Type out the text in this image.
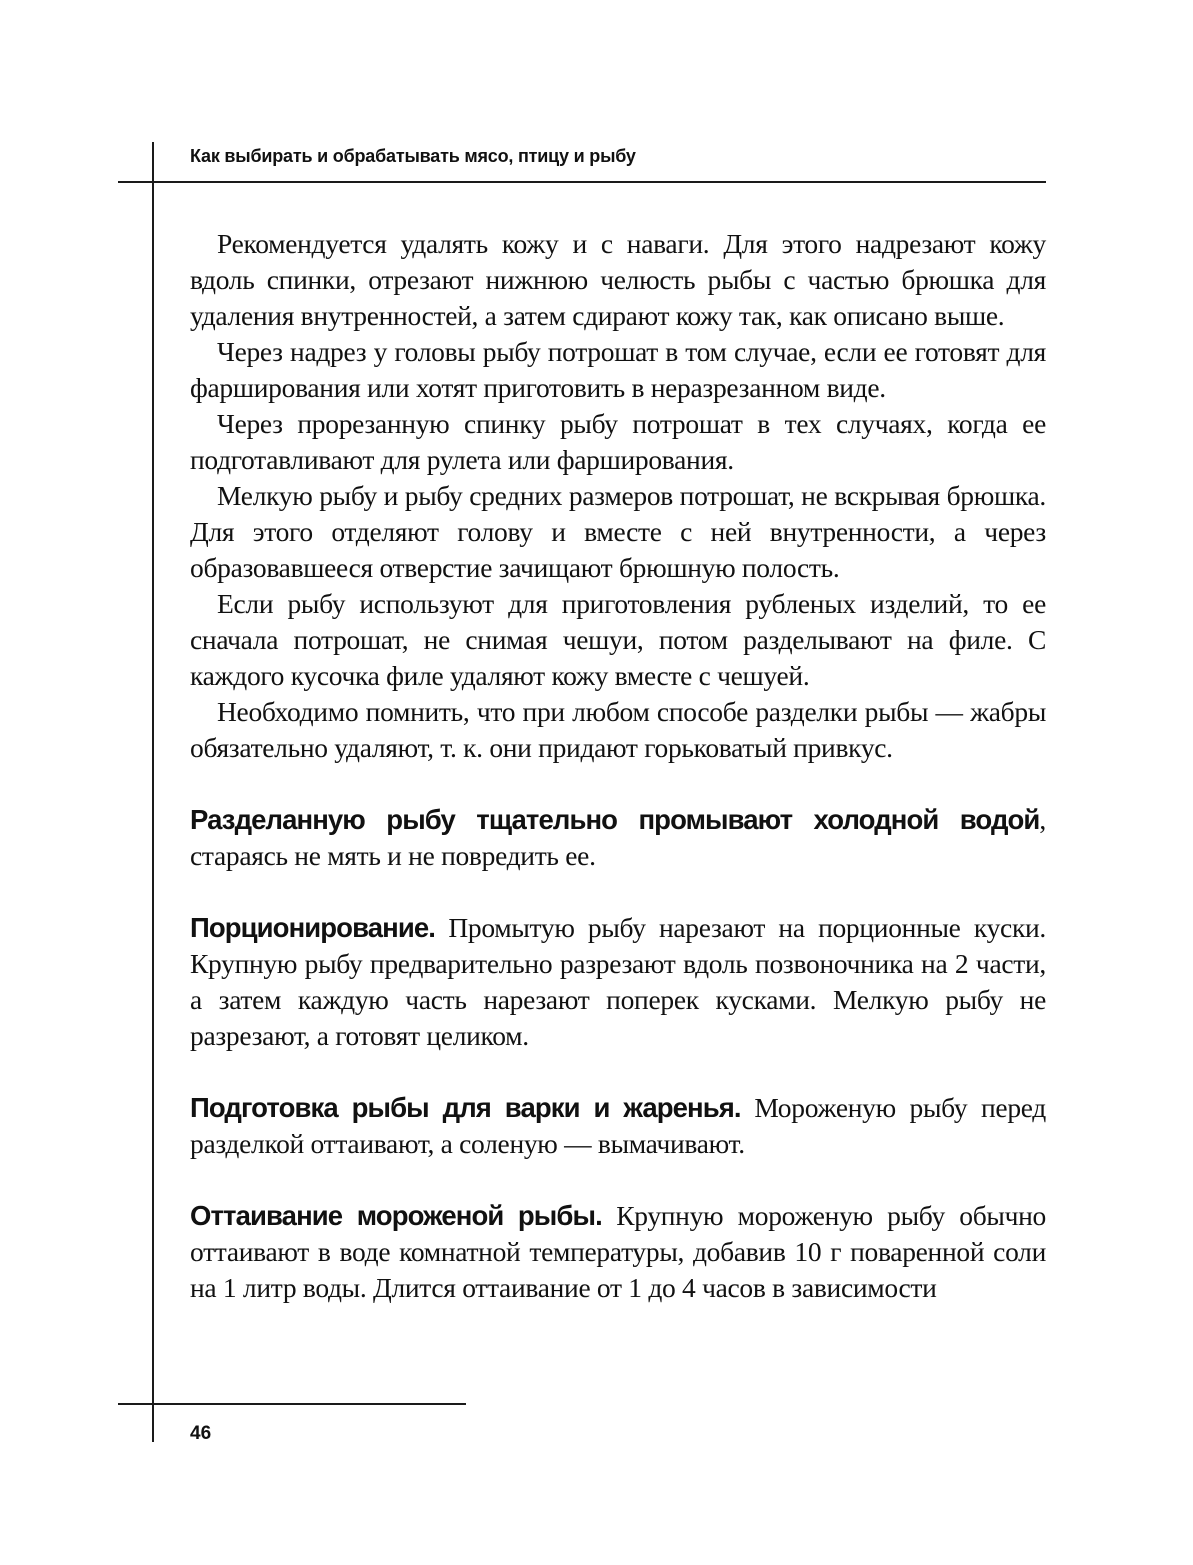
Как выбирать и обрабатывать мясо, птицу и рыбу

Рекомендуется удалять кожу и с наваги. Для этого надрезают кожу вдоль спинки, отрезают нижнюю челюсть рыбы с частью брюшка для удаления внутренностей, а затем сдирают кожу так, как описано выше.

Через надрез у головы рыбу потрошат в том случае, если ее готовят для фарширования или хотят приготовить в неразрезанном виде.

Через прорезанную спинку рыбу потрошат в тех случаях, когда ее подготавливают для рулета или фарширования.

Мелкую рыбу и рыбу средних размеров потрошат, не вскрывая брюшка. Для этого отделяют голову и вместе с ней внутренности, а через образовавшееся отверстие зачищают брюшную полость.

Если рыбу используют для приготовления рубленых изделий, то ее сначала потрошат, не снимая чешуи, потом разделывают на филе. С каждого кусочка филе удаляют кожу вместе с чешуей.

Необходимо помнить, что при любом способе разделки рыбы — жабры обязательно удаляют, т. к. они придают горьковатый привкус.

Разделанную рыбу тщательно промывают холодной водой, стараясь не мять и не повредить ее.

Порционирование. Промытую рыбу нарезают на порционные куски. Крупную рыбу предварительно разрезают вдоль позвоночника на 2 части, а затем каждую часть нарезают поперек кусками. Мелкую рыбу не разрезают, а готовят целиком.

Подготовка рыбы для варки и жаренья. Мороженую рыбу перед разделкой оттаивают, а соленую — вымачивают.

Оттаивание мороженой рыбы. Крупную мороженую рыбу обычно оттаивают в воде комнатной температуры, добавив 10 г поваренной соли на 1 литр воды. Длится оттаивание от 1 до 4 часов в зависимости

46
